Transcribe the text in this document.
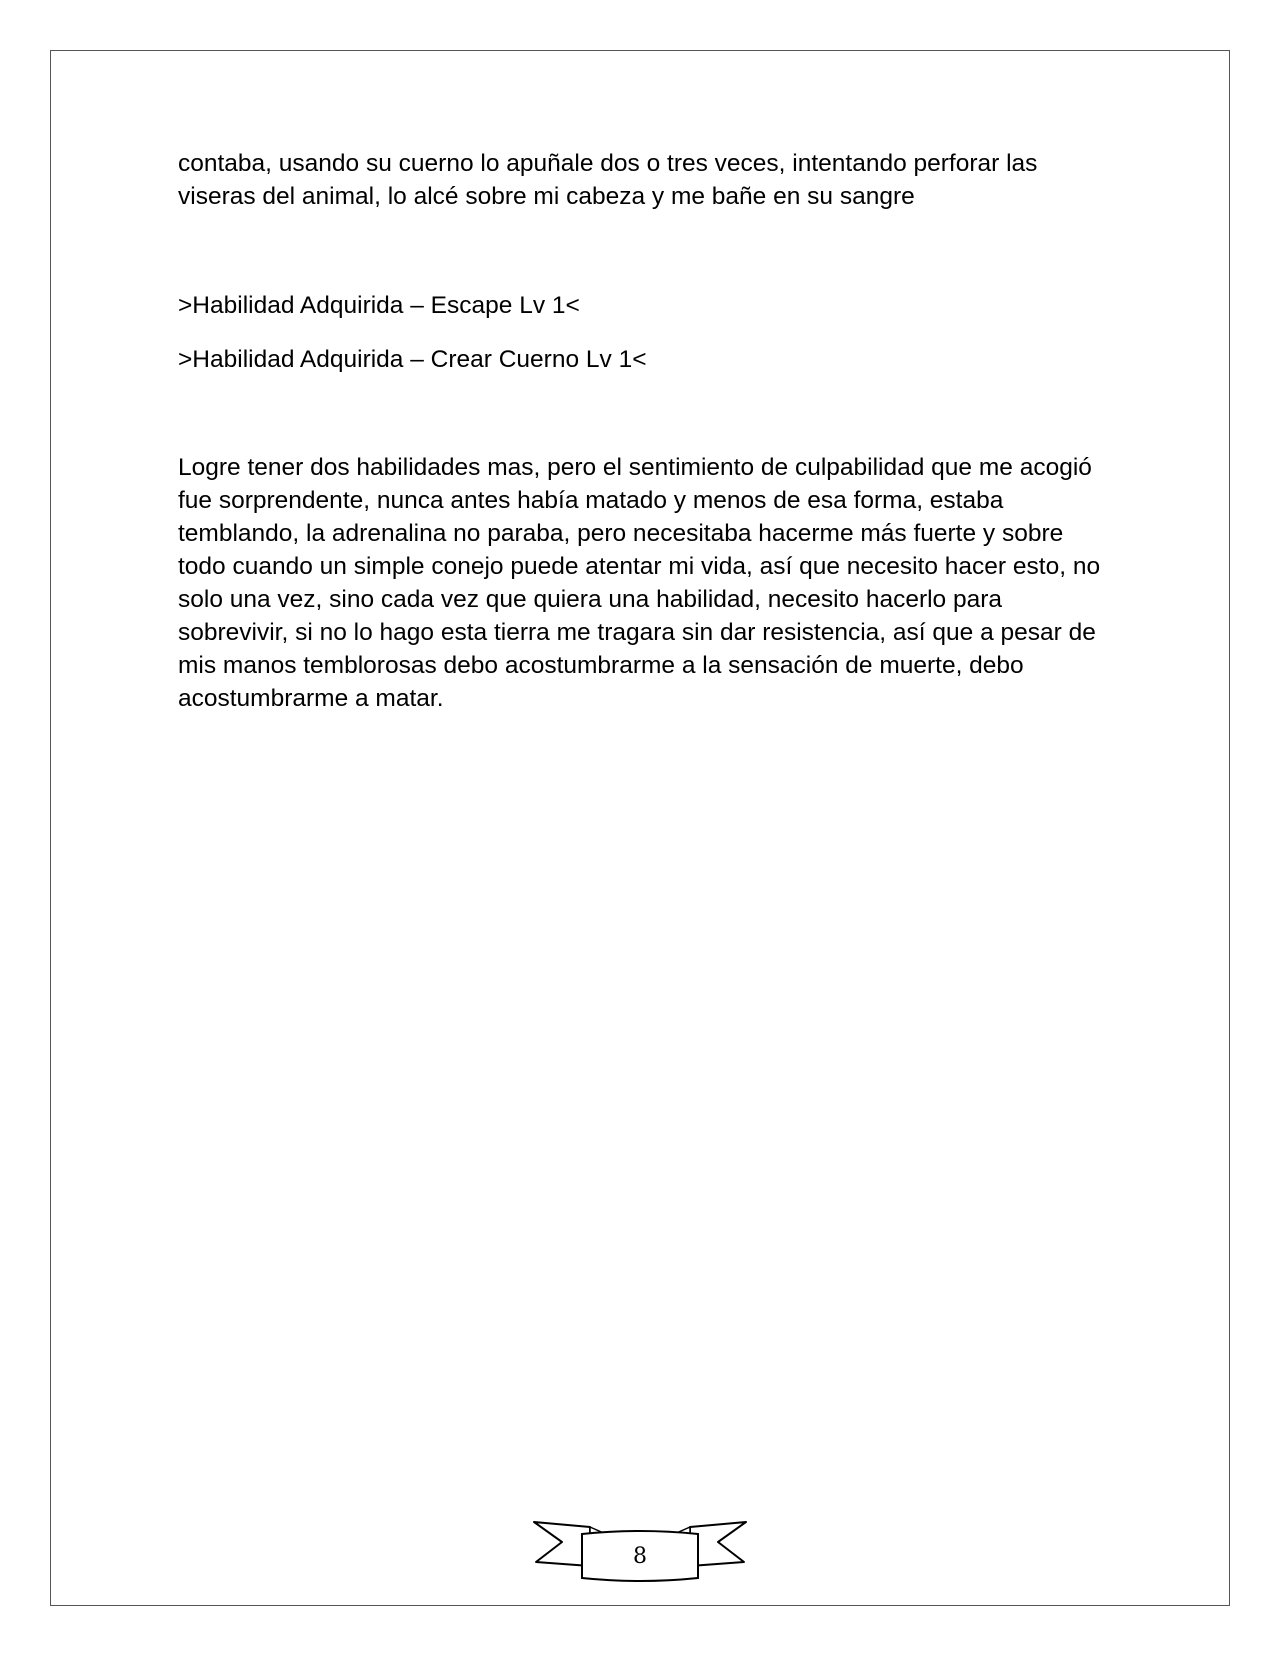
contaba, usando su cuerno lo apuñale dos o tres veces, intentando perforar las viseras del animal, lo alcé sobre mi cabeza y me bañe en su sangre

>Habilidad Adquirida – Escape Lv 1<

>Habilidad Adquirida – Crear Cuerno Lv 1<

Logre tener dos habilidades mas, pero el sentimiento de culpabilidad que me acogió fue sorprendente, nunca antes había matado y menos de esa forma, estaba temblando, la adrenalina no paraba, pero necesitaba hacerme más fuerte y sobre todo cuando un simple conejo puede atentar mi vida, así que necesito hacer esto, no solo una vez, sino cada vez que quiera una habilidad, necesito hacerlo para sobrevivir, si no lo hago esta tierra me tragara sin dar resistencia, así que a pesar de mis manos temblorosas debo acostumbrarme a la sensación de muerte, debo acostumbrarme a matar.

8
